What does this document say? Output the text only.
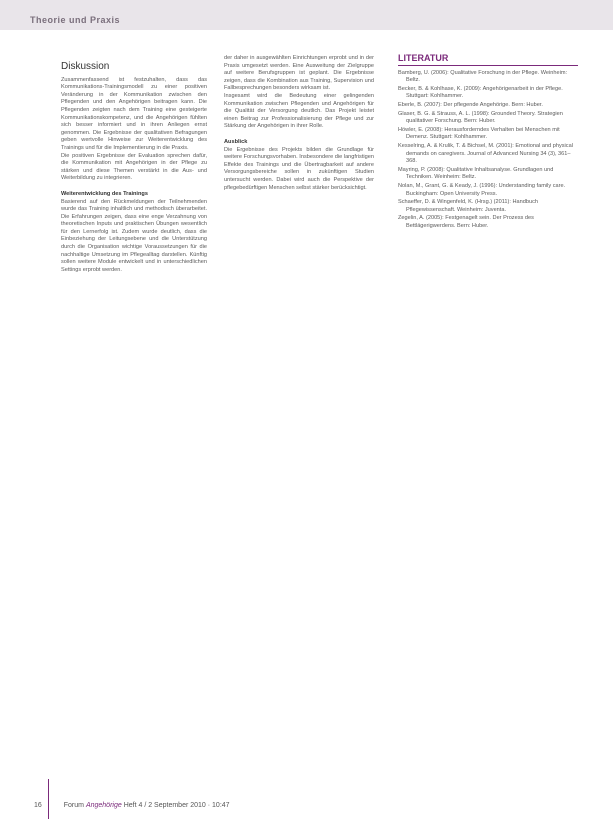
Theorie und Praxis
Diskussion

Zusammenfassend ist festzuhalten, dass das Kommunikations-Trainingsmodell zu einer positiven Veränderung in der Kommunikation zwischen den Pflegenden und den Angehörigen beitragen kann. Die Pflegenden zeigten nach dem Training eine gesteigerte Kommunikationskompetenz, und die Angehörigen fühlten sich besser informiert und in ihren Anliegen ernst genommen. Die Ergebnisse der qualitativen Befragungen geben wertvolle Hinweise zur Weiterentwicklung des Trainings und für die Implementierung in die Praxis.

Die positiven Ergebnisse der Evaluation sprechen dafür, die Kommunikation mit Angehörigen in der Pflege zu stärken und diese Themen verstärkt in die Aus- und Weiterbildung zu integrieren.

Weiterentwicklung des Trainings

Basierend auf den Rückmeldungen der Teilnehmenden wurde das Training inhaltlich und methodisch überarbeitet. Die Erfahrungen zeigen, dass eine enge Verzahnung von theoretischen Inputs und praktischen Übungen wesentlich für den Lernerfolg ist. Zudem wurde deutlich, dass die Einbeziehung der Leitungsebene und die Unterstützung durch die Organisation wichtige Voraussetzungen für die nachhaltige Umsetzung im Pflegealltag darstellen. Künftig sollen weitere Module entwickelt und in unterschiedlichen Settings erprobt werden.

der daher in ausgewählten Einrichtungen erprobt und in der Praxis umgesetzt werden. Eine Ausweitung der Zielgruppe auf weitere Berufsgruppen ist geplant. Die Ergebnisse zeigen, dass die Kombination aus Training, Supervision und Fallbesprechungen besonders wirksam ist.

Insgesamt wird die Bedeutung einer gelingenden Kommunikation zwischen Pflegenden und Angehörigen für die Qualität der Versorgung deutlich. Das Projekt leistet einen Beitrag zur Professionalisierung der Pflege und zur Stärkung der Angehörigen in ihrer Rolle.

Ausblick

Die Ergebnisse des Projekts bilden die Grundlage für weitere Forschungsvorhaben. Insbesondere die langfristigen Effekte des Trainings und die Übertragbarkeit auf andere Versorgungsbereiche sollen in zukünftigen Studien untersucht werden. Dabei wird auch die Perspektive der pflegebedürftigen Menschen selbst stärker berücksichtigt.

LITERATUR
Bamberg, U. (2006): Qualitative Forschung in der Pflege. Weinheim: Beltz.
Becker, B. & Kohlhase, K. (2009): Angehörigenarbeit in der Pflege. Stuttgart: Kohlhammer.
Eberle, B. (2007): Der pflegende Angehörige. Bern: Huber.
Glaser, B. G. & Strauss, A. L. (1998): Grounded Theory. Strategien qualitativer Forschung. Bern: Huber.
Höwler, E. (2008): Herausforderndes Verhalten bei Menschen mit Demenz. Stuttgart: Kohlhammer.
Kesselring, A. & Krulik, T. & Bichsel, M. (2001): Emotional and physical demands on caregivers. Journal of Advanced Nursing 34 (3), 361–368.
Mayring, P. (2008): Qualitative Inhaltsanalyse. Grundlagen und Techniken. Weinheim: Beltz.
Nolan, M., Grant, G. & Keady, J. (1996): Understanding family care. Buckingham: Open University Press.
Schaeffer, D. & Wingenfeld, K. (Hrsg.) (2011): Handbuch Pflegewissenschaft. Weinheim: Juventa.
Zegelin, A. (2005): Festgenagelt sein. Der Prozess des Bettlägerigwerdens. Bern: Huber.
16	Forum Angehörige Heft 4 / 2 September 2010 · 10:47
